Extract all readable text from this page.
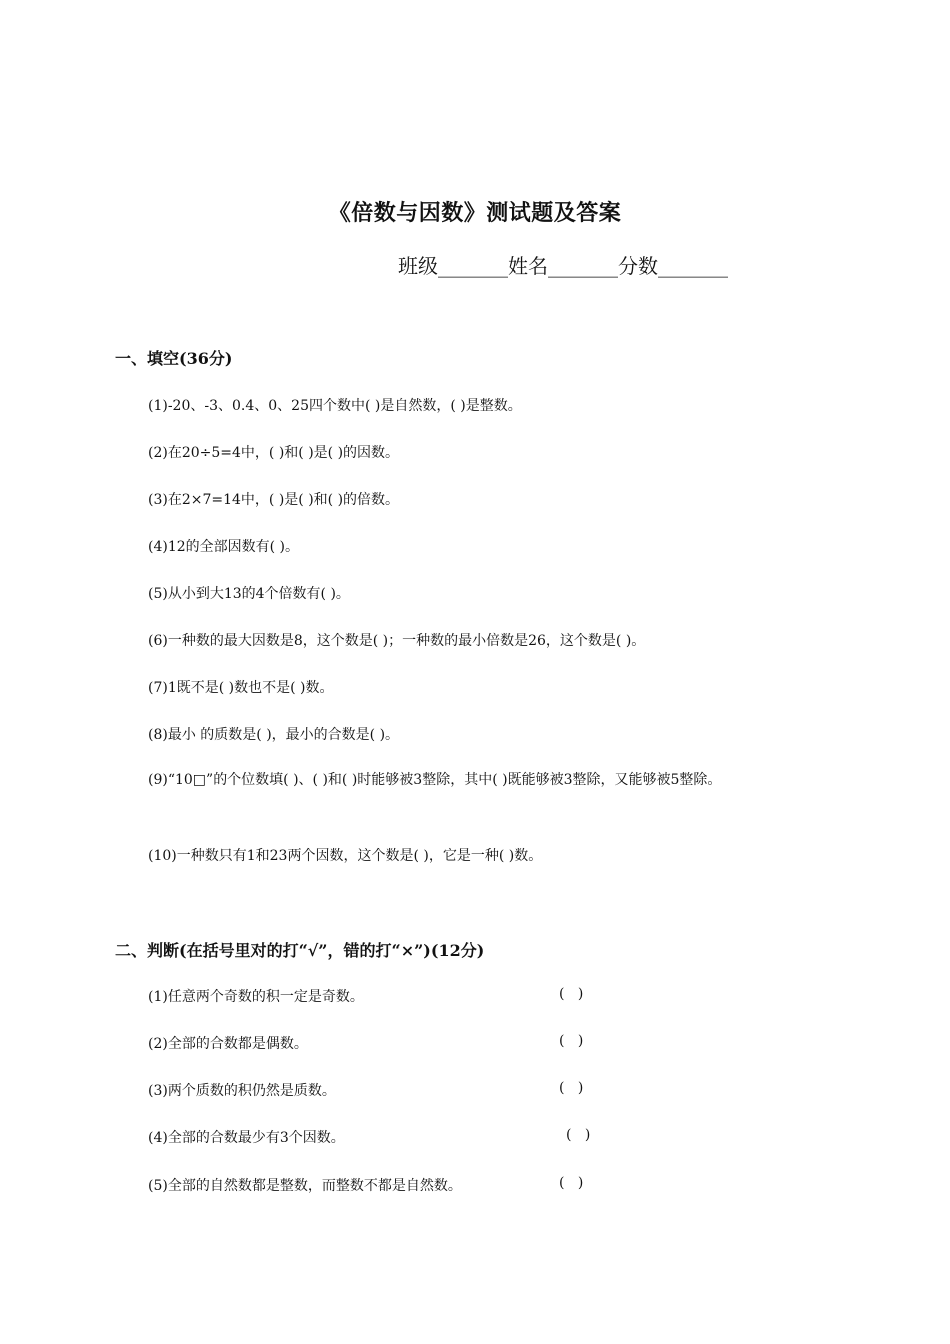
《倍数与因数》测试题及答案
班级_______姓名_______分数_______
一、填空(36分)
(1)-20、-3、0.4、0、25四个数中( )是自然数，( )是整数。
(2)在20÷5=4中，( )和( )是( )的因数。
(3)在2×7=14中，( )是( )和( )的倍数。
(4)12的全部因数有( )。
(5)从小到大13的4个倍数有( )。
(6)一种数的最大因数是8，这个数是( )；一种数的最小倍数是26，这个数是( )。
(7)1既不是( )数也不是( )数。
(8)最小 的质数是( )，最小的合数是( )。
(9)“10□”的个位数填( )、( )和( )时能够被3整除，其中( )既能够被3整除，又能够被5整除。
(10)一种数只有1和23两个因数，这个数是( )，它是一种( )数。
二、判断(在括号里对的打“√”，错的打“×”)(12分)
(1)任意两个奇数的积一定是奇数。	(   )
(2)全部的合数都是偶数。	(   )
(3)两个质数的积仍然是质数。	(   )
(4)全部的合数最少有3个因数。	(   )
(5)全部的自然数都是整数，而整数不都是自然数。	(   )
